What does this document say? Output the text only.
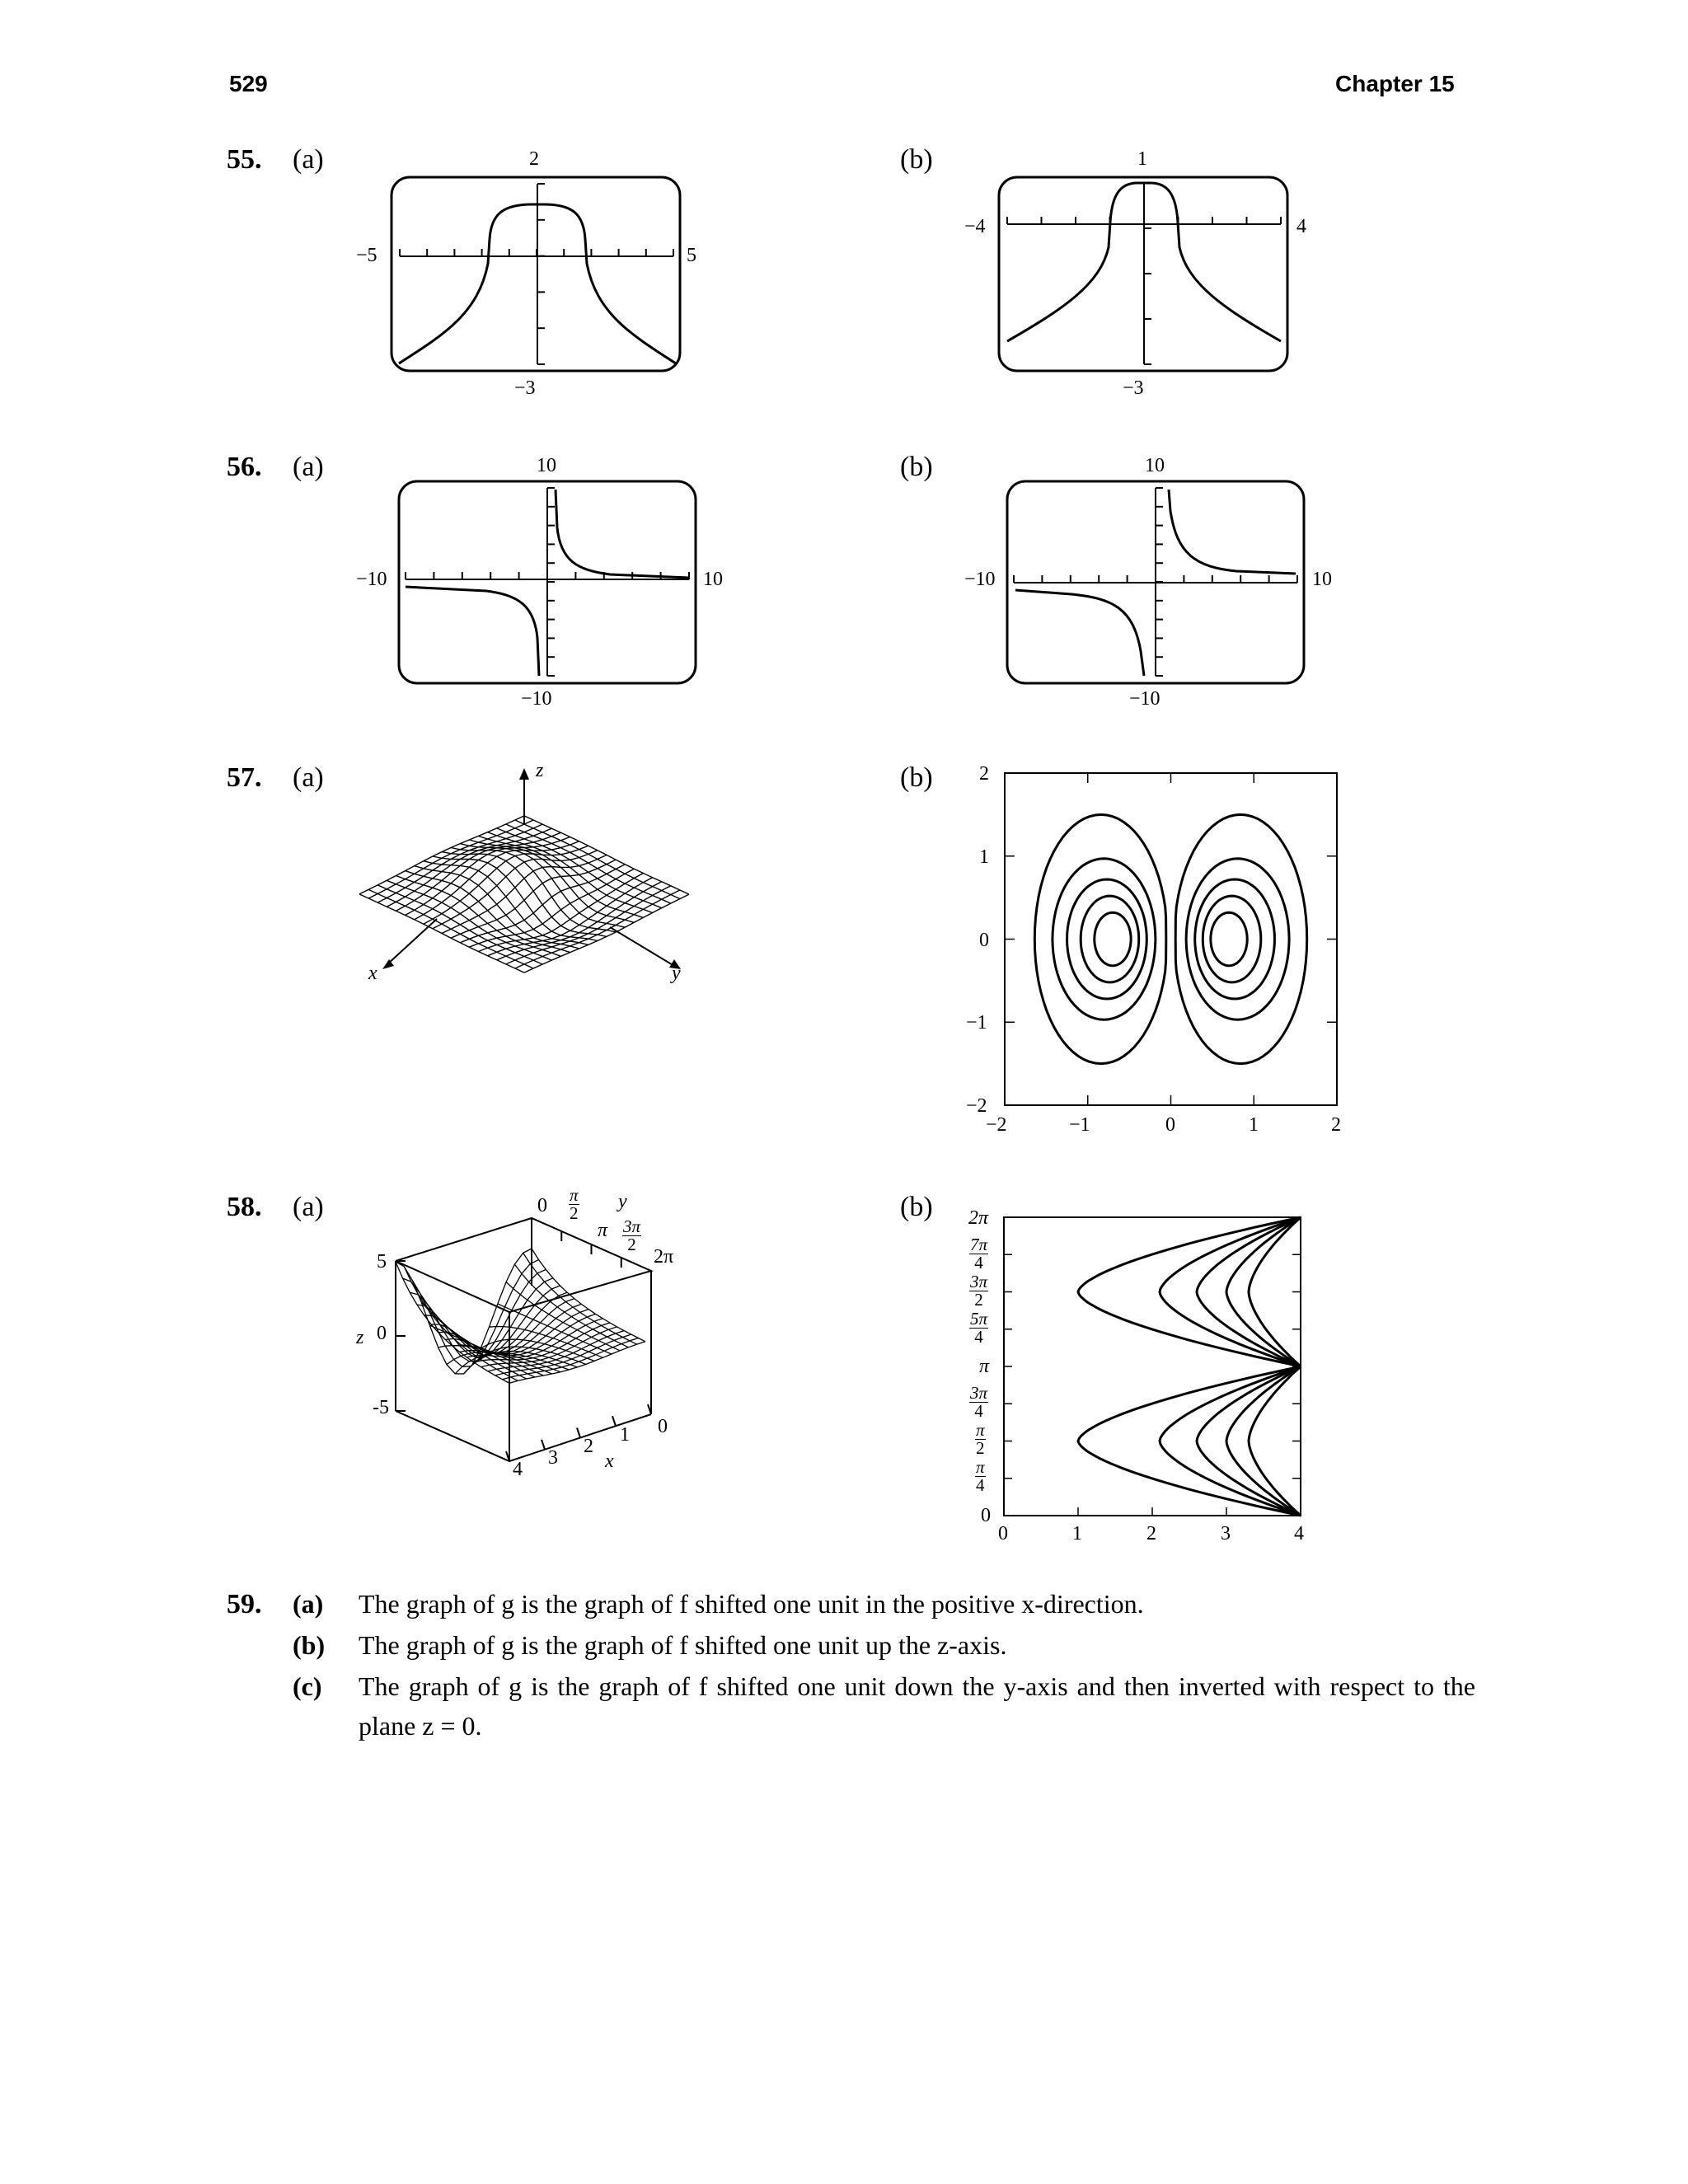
529	Chapter 15
55. (a)	(b)
56. (a)	(b)
57. (a)	(b)
58. (a)	(b)
2
−3
−5	5
1
−3
−4	4
10
−10
−10	10
10
−10
−10	10
z
x	y
2
1
0
−1
−2
−2	−1	0	1	2
5
0
z
-5
$0 \frac{\pi}{2}$ y
π $\frac{3\pi}{2}$
2π
4
3
2
1 0
x
2π
$\frac{7\pi}{4}$
$\frac{3\pi}{2}$
$\frac{5\pi}{4}$
π
$\frac{3\pi}{4}$
$\frac{\pi}{2}$
$\frac{\pi}{4}$
0
0	1	2	3	4
59. (a) The graph of g is the graph of f shifted one unit in the positive x-direction.
(b) The graph of g is the graph of f shifted one unit up the z-axis.
(c) The graph of g is the graph of f shifted one unit down the y-axis and then inverted with respect to the plane z = 0.
